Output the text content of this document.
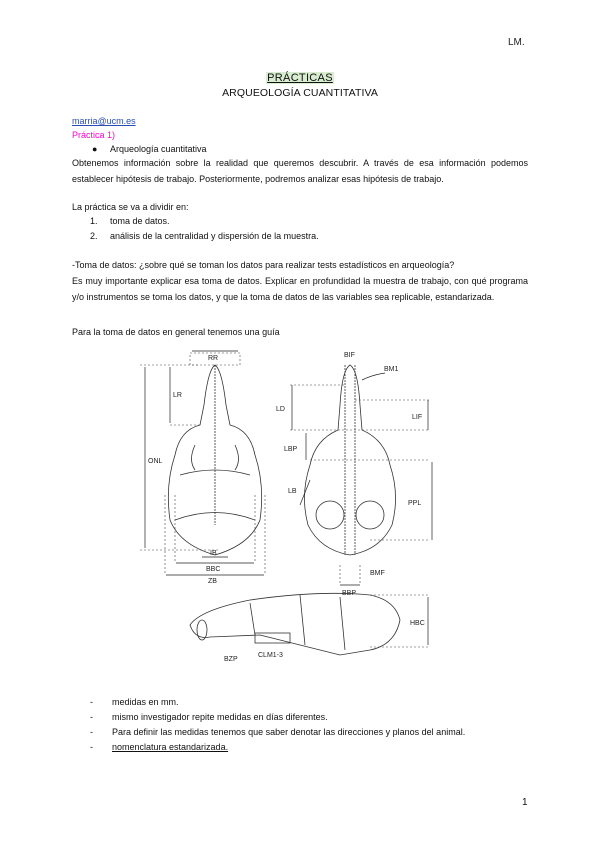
LM.
PRÁCTICAS
ARQUEOLOGÍA CUANTITATIVA
marria@ucm.es
Práctica 1)
● Arqueología cuantitativa
Obtenemos información sobre la realidad que queremos descubrir. A través de esa información podemos establecer hipótesis de trabajo. Posteriormente, podremos analizar esas hipótesis de trabajo.
La práctica se va a dividir en:
1. toma de datos.
2. análisis de la centralidad y dispersión de la muestra.
-Toma de datos: ¿sobre qué se toman los datos para realizar tests estadísticos en arqueología?
Es muy importante explicar esa toma de datos. Explicar en profundidad la muestra de trabajo, con qué programa y/o instrumentos se toma los datos, y que la toma de datos de las variables sea replicable, estandarizada.
Para la toma de datos en general tenemos una guía
RR
LR
ONL
IB
BBC
ZB
BIF
BM1
LD
LIF
LBP
LB
PPL
BMF
BBP
HBC
BZP
CLM1-3
- medidas en mm.
- mismo investigador repite medidas en días diferentes.
- Para definir las medidas tenemos que saber denotar las direcciones y planos del animal.
- nomenclatura estandarizada.
1
